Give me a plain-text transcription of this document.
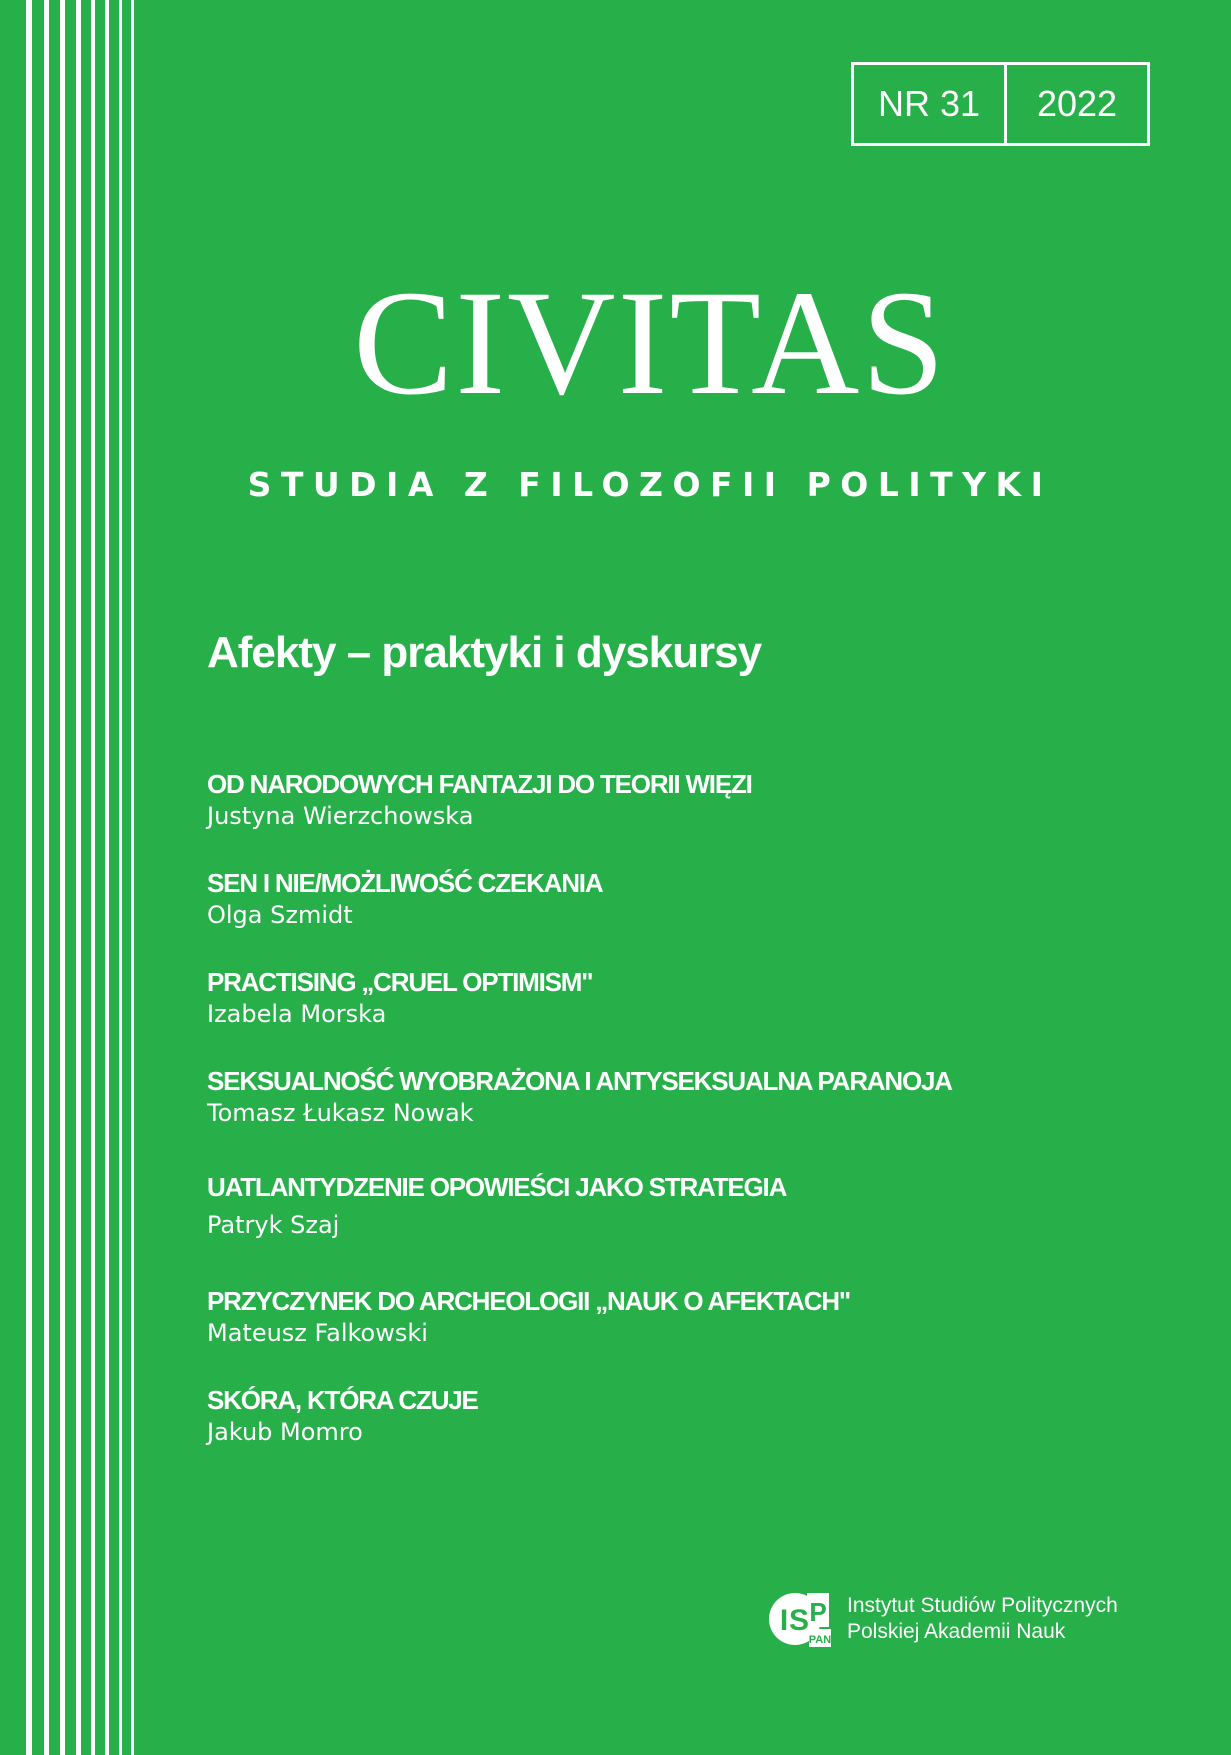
NR 31	2022
CIVITAS
STUDIA Z FILOZOFII POLITYKI
Afekty – praktyki i dyskursy
OD NARODOWYCH FANTAZJI DO TEORII WIĘZI
Justyna Wierzchowska
SEN I NIE/MOŻLIWOŚĆ CZEKANIA
Olga Szmidt
PRACTISING „CRUEL OPTIMISM"
Izabela Morska
SEKSUALNOŚĆ WYOBRAŻONA I ANTYSEKSUALNA PARANOJA
Tomasz Łukasz Nowak
UATLANTYDZENIE OPOWIEŚCI JAKO STRATEGIA
Patryk Szaj
PRZYCZYNEK DO ARCHEOLOGII „NAUK O AFEKTACH"
Mateusz Falkowski
SKÓRA, KTÓRA CZUJE
Jakub Momro
I S P
PAN
Instytut Studiów Politycznych
Polskiej Akademii Nauk
